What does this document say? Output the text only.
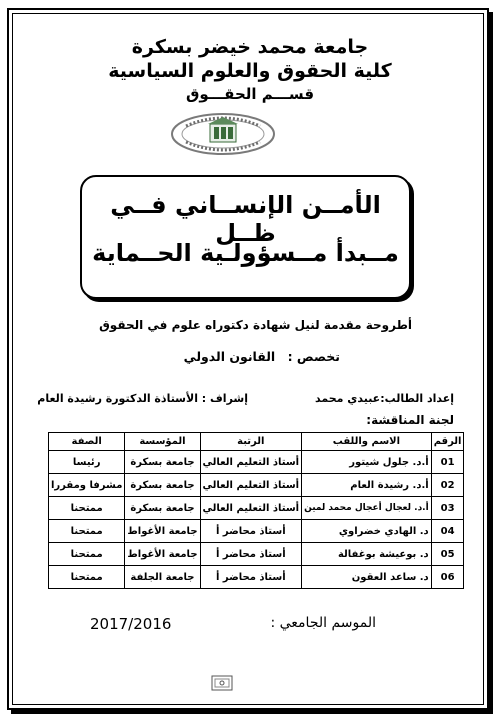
جامعة محمد خيضر بسكرة
كلية الحقوق والعلوم السياسية
قســـم الحقـــوق
الأمــن الإنســاني فــي ظــل
مــبدأ مــسؤولـية الحــماية
أطروحة مقدمة لنيل شهادة دكتوراه علوم في الحقوق
تخصص : القانون الدولي
إعداد الطالب:عبيدي محمد
إشراف : الأستاذة الدكتورة رشيدة العام
لجنة المناقشة:
الرقم	الاسم واللقب	الرتبة	المؤسسة	الصفة
01	أ.د. جلول شيتور	أستاذ التعليم العالي	جامعة بسكرة	رئيسا
02	أ.د. رشيدة العام	أستاذ التعليم العالي	جامعة بسكرة	مشرفا ومقررا
03	أ.د. لعجال أعجال محمد لمين	أستاذ التعليم العالي	جامعة بسكرة	ممتحنا
04	د. الهادي خضراوي	أستاذ محاضر أ	جامعة الأغواط	ممتحنا
05	د. بوعيشة بوغفالة	أستاذ محاضر أ	جامعة الأغواط	ممتحنا
06	د. ساعد العقون	أستاذ محاضر أ	جامعة الجلفة	ممتحنا
الموسم الجامعي :
2017/2016
